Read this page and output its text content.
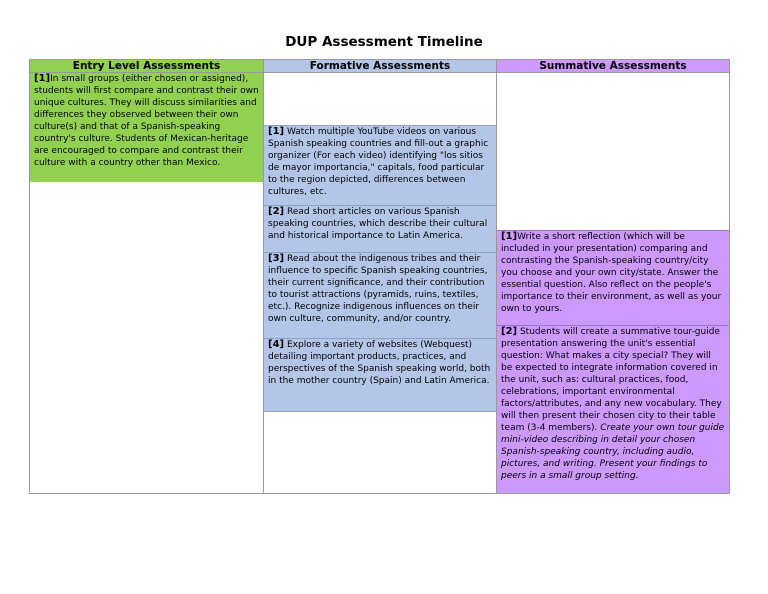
DUP Assessment Timeline
Entry Level Assessments
[1]In small groups (either chosen or assigned), students will first compare and contrast their own unique cultures. They will discuss similarities and differences they observed between their own culture(s) and that of a Spanish-speaking country's culture. Students of Mexican-heritage are encouraged to compare and contrast their culture with a country other than Mexico.
Formative Assessments
[1] Watch multiple YouTube videos on various Spanish speaking countries and fill-out a graphic organizer (For each video) identifying "los sitios de mayor importancia," capitals, food particular to the region depicted, differences between cultures, etc.
[2] Read short articles on various Spanish speaking countries, which describe their cultural and historical importance to Latin America.
[3] Read about the indigenous tribes and their influence to specific Spanish speaking countries, their current significance, and their contribution to tourist attractions (pyramids, ruins, textiles, etc.). Recognize indigenous influences on their own culture, community, and/or country.
[4] Explore a variety of websites (Webquest) detailing important products, practices, and perspectives of the Spanish speaking world, both in the mother country (Spain) and Latin America.
Summative Assessments
[1]Write a short reflection (which will be included in your presentation) comparing and contrasting the Spanish-speaking country/city you choose and your own city/state. Answer the essential question. Also reflect on the people's importance to their environment, as well as your own to yours.
[2] Students will create a summative tour-guide presentation answering the unit's essential question: What makes a city special? They will be expected to integrate information covered in the unit, such as: cultural practices, food, celebrations, important environmental factors/attributes, and any new vocabulary. They will then present their chosen city to their table team (3-4 members). Create your own tour guide mini-video describing in detail your chosen Spanish-speaking country, including audio, pictures, and writing. Present your findings to peers in a small group setting.
